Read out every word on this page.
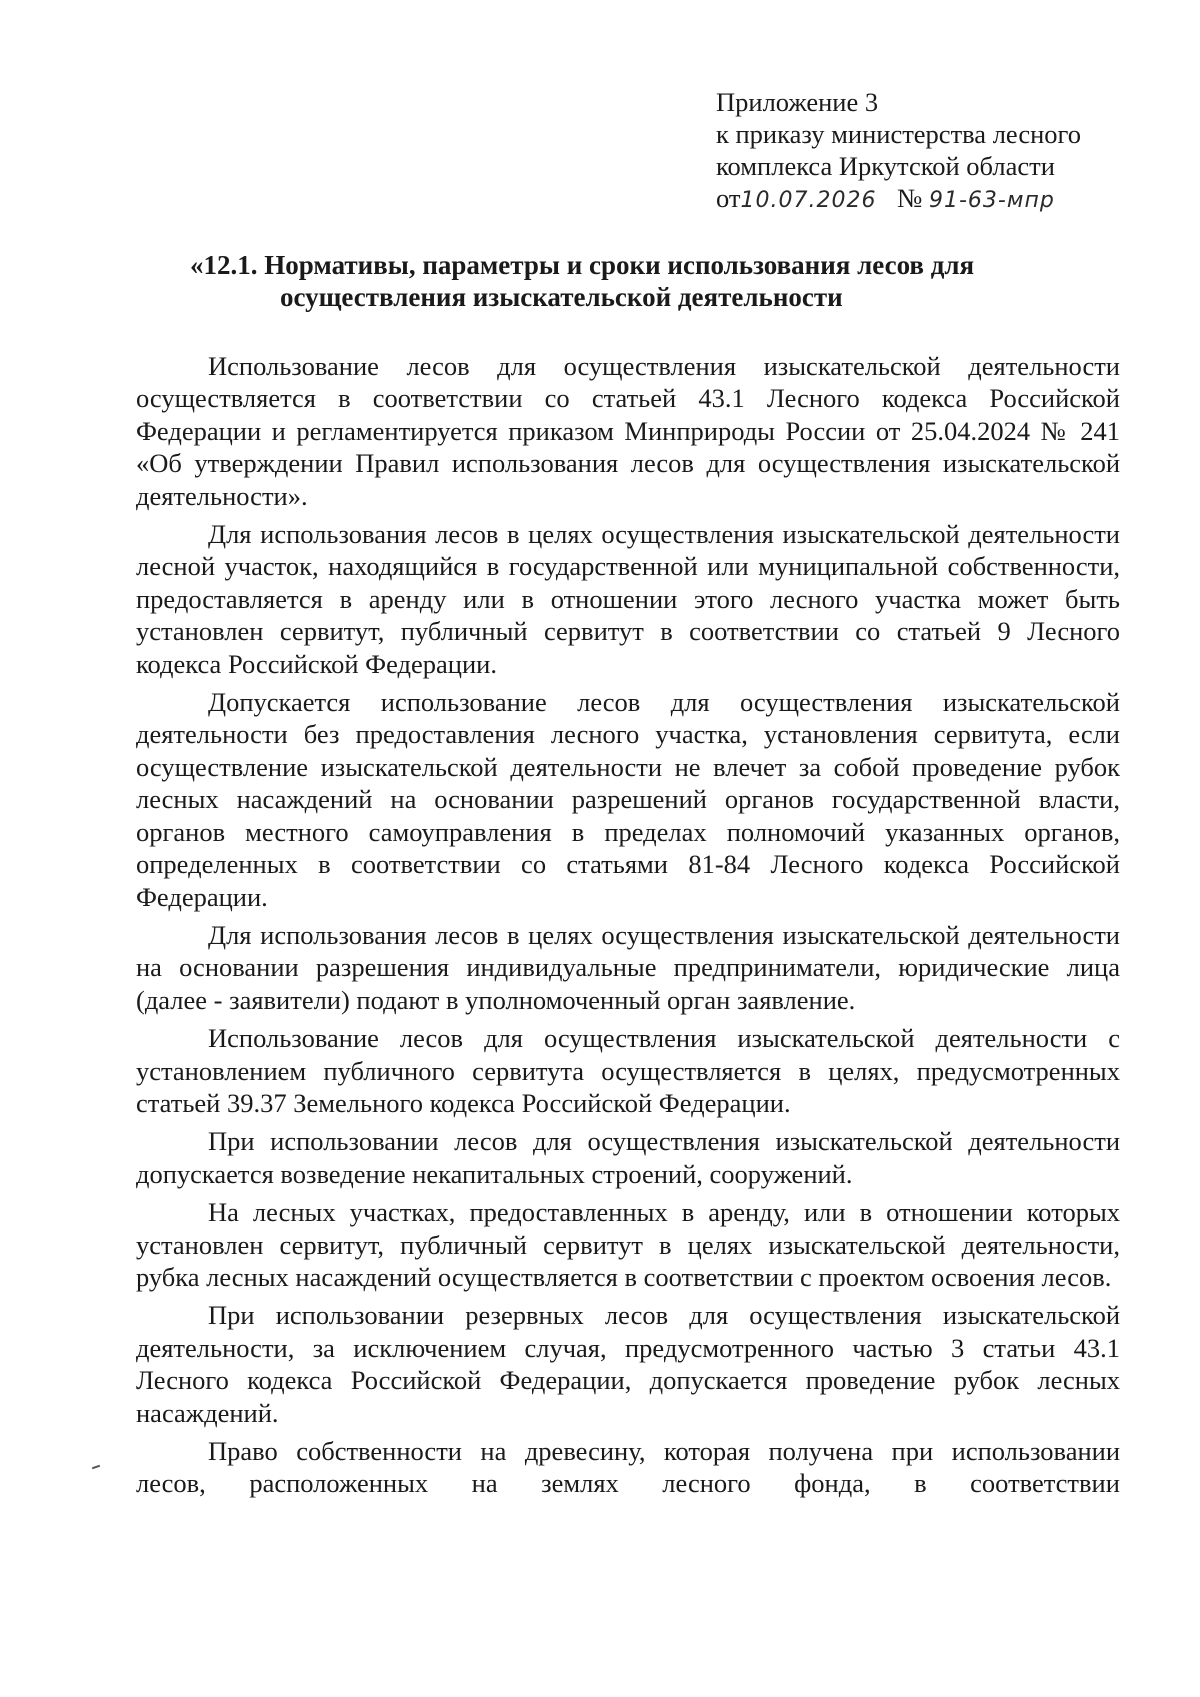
Приложение 3
к приказу министерства лесного
комплекса Иркутской области
от10.07.2026 № 91-63-мпр
«12.1. Нормативы, параметры и сроки использования лесов для
осуществления изыскательской деятельности

Использование лесов для осуществления изыскательской деятельности осуществляется в соответствии со статьей 43.1 Лесного кодекса Российской Федерации и регламентируется приказом Минприроды России от 25.04.2024 № 241 «Об утверждении Правил использования лесов для осуществления изыскательской деятельности».

Для использования лесов в целях осуществления изыскательской деятельности лесной участок, находящийся в государственной или муниципальной собственности, предоставляется в аренду или в отношении этого лесного участка может быть установлен сервитут, публичный сервитут в соответствии со статьей 9 Лесного кодекса Российской Федерации.

Допускается использование лесов для осуществления изыскательской деятельности без предоставления лесного участка, установления сервитута, если осуществление изыскательской деятельности не влечет за собой проведение рубок лесных насаждений на основании разрешений органов государственной власти, органов местного самоуправления в пределах полномочий указанных органов, определенных в соответствии со статьями 81-84 Лесного кодекса Российской Федерации.

Для использования лесов в целях осуществления изыскательской деятельности на основании разрешения индивидуальные предприниматели, юридические лица (далее - заявители) подают в уполномоченный орган заявление.

Использование лесов для осуществления изыскательской деятельности с установлением публичного сервитута осуществляется в целях, предусмотренных статьей 39.37 Земельного кодекса Российской Федерации.

При использовании лесов для осуществления изыскательской деятельности допускается возведение некапитальных строений, сооружений.

На лесных участках, предоставленных в аренду, или в отношении которых установлен сервитут, публичный сервитут в целях изыскательской деятельности, рубка лесных насаждений осуществляется в соответствии с проектом освоения лесов.

При использовании резервных лесов для осуществления изыскательской деятельности, за исключением случая, предусмотренного частью 3 статьи 43.1 Лесного кодекса Российской Федерации, допускается проведение рубок лесных насаждений.

Право собственности на древесину, которая получена при использовании

лесов, расположенных на землях лесного фонда, в соответствии
